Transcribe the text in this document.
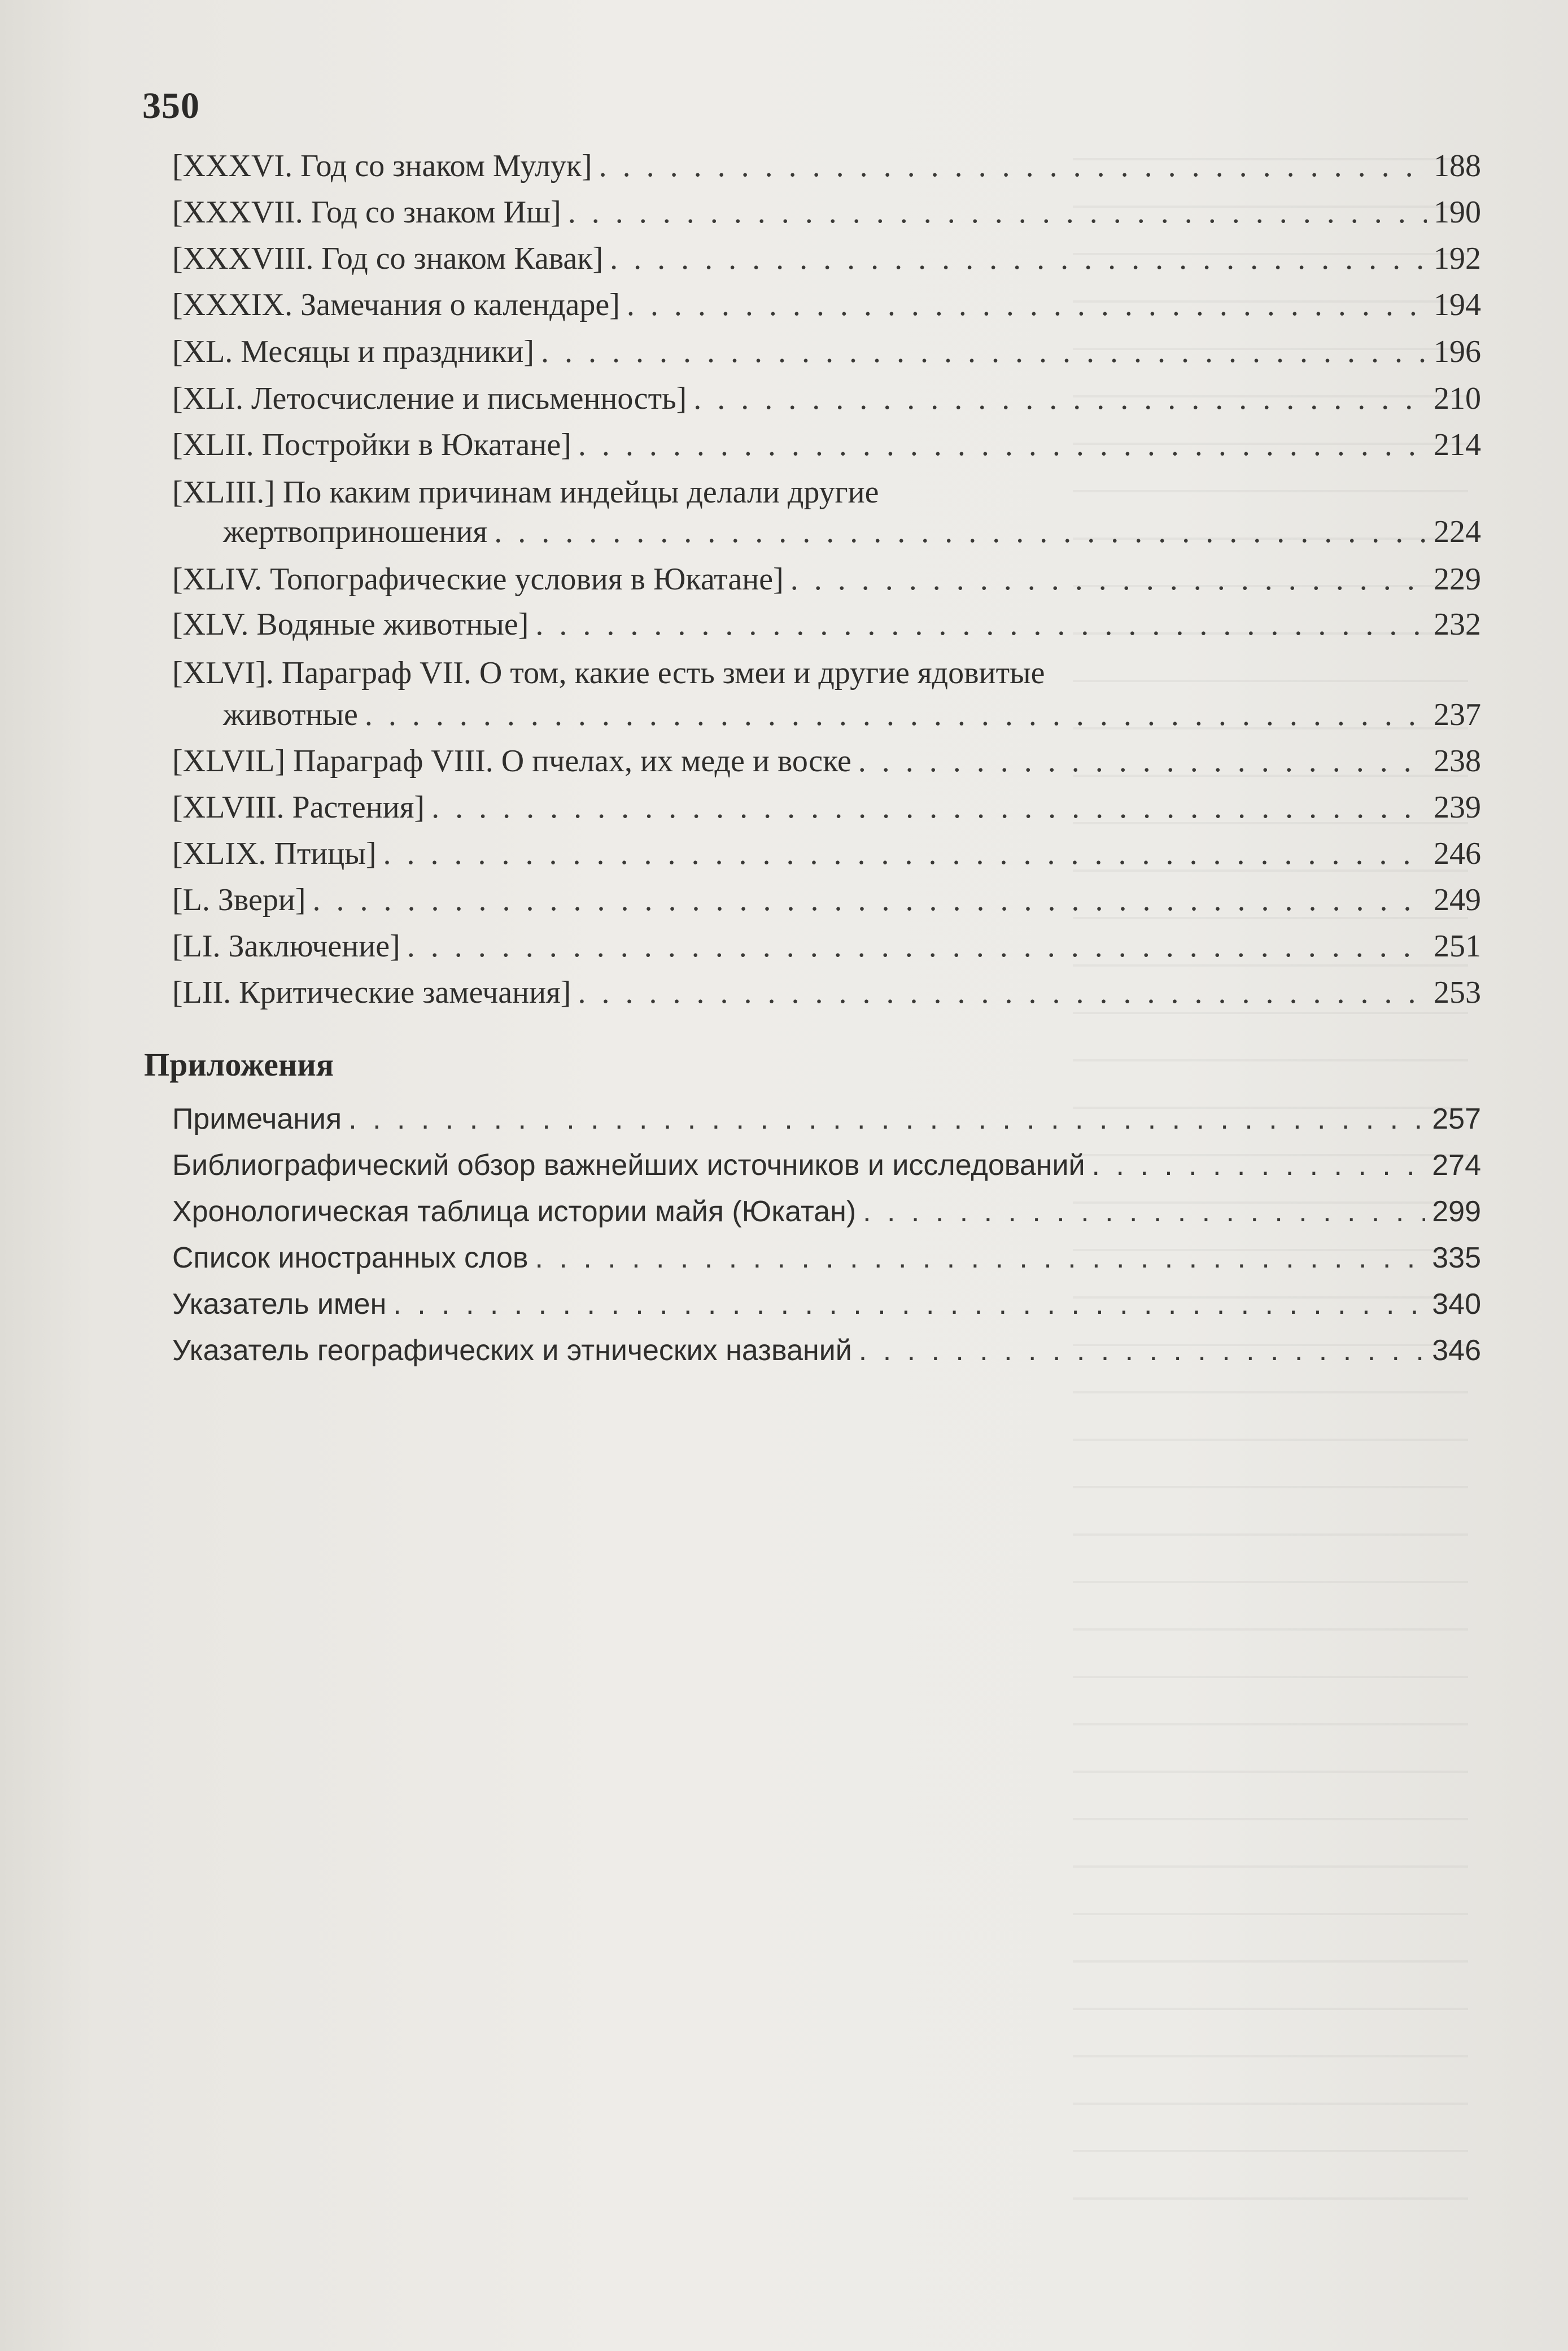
350
[XXXVI. Год со знаком Мулук] . . .	188
[XXXVII. Год со знаком Иш] . . .	190
[XXXVIII. Год со знаком Кавак] . . .	192
[XXXIX. Замечания о календаре] . . .	194
[XL. Месяцы и праздники] . . .	196
[XLI. Летосчисление и письменность] . . .	210
[XLII. Постройки в Юкатане] . . .	214
[XLIII.] По каким причинам индейцы делали другие
жертвоприношения . . .	224
[XLIV. Топографические условия в Юкатане] . . .	229
[XLV. Водяные животные] . . .	232
[XLVI]. Параграф VII. О том, какие есть змеи и другие ядовитые
животные . . .	237
[XLVIL] Параграф VIII. О пчелах, их меде и воске . . .	238
[XLVIII. Растения] . . .	239
[XLIX. Птицы] . . .	246
[L. Звери] . . .	249
[LI. Заключение] . . .	251
[LII. Критические замечания] . . .	253
Приложения
Примечания . . .	257
Библиографический обзор важнейших источников и исследований . . .	274
Хронологическая таблица истории майя (Юкатан) . . .	299
Список иностранных слов . . .	335
Указатель имен . . .	340
Указатель географических и этнических названий . . .	346
